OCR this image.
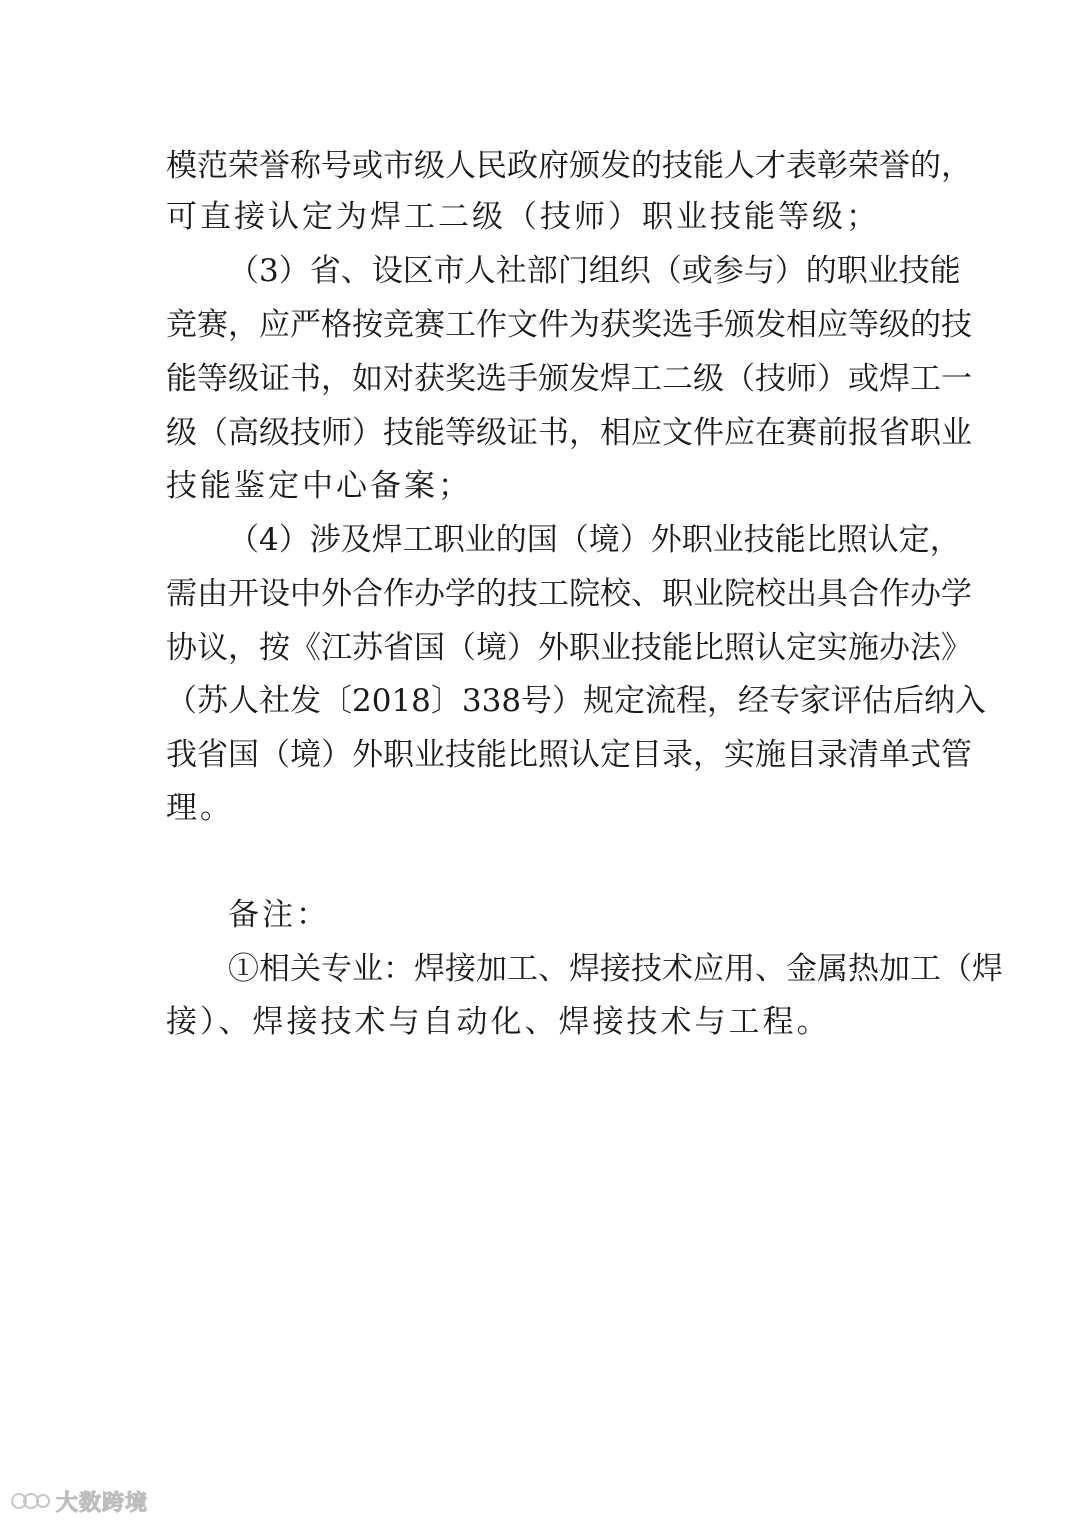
模范荣誉称号或市级人民政府颁发的技能人才表彰荣誉的，
可直接认定为焊工二级（技师）职业技能等级；
（3）省、设区市人社部门组织（或参与）的职业技能
竞赛，应严格按竞赛工作文件为获奖选手颁发相应等级的技
能等级证书，如对获奖选手颁发焊工二级（技师）或焊工一
级（高级技师）技能等级证书，相应文件应在赛前报省职业
技能鉴定中心备案；
（4）涉及焊工职业的国（境）外职业技能比照认定，
需由开设中外合作办学的技工院校、职业院校出具合作办学
协议，按《江苏省国（境）外职业技能比照认定实施办法》
（苏人社发〔2018〕338号）规定流程，经专家评估后纳入
我省国（境）外职业技能比照认定目录，实施目录清单式管
理。
备注：
①相关专业：焊接加工、焊接技术应用、金属热加工（焊
接）、焊接技术与自动化、焊接技术与工程。
大数跨境
